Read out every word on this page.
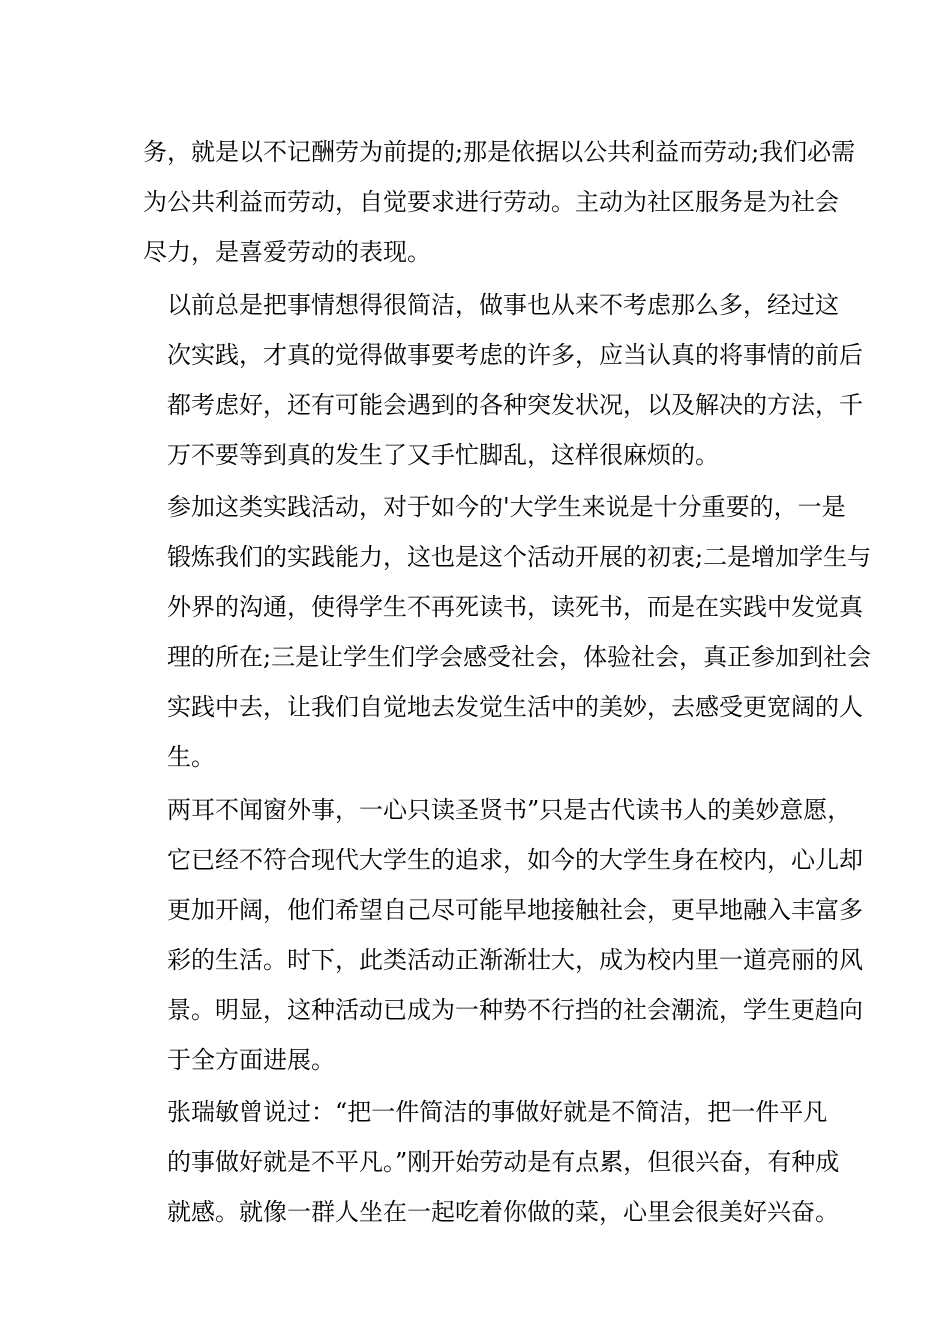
务，就是以不记酬劳为前提的;那是依据以公共利益而劳动;我们必需
为公共利益而劳动，自觉要求进行劳动。主动为社区服务是为社会
尽力，是喜爱劳动的表现。

以前总是把事情想得很简洁，做事也从来不考虑那么多，经过这
次实践，才真的觉得做事要考虑的许多，应当认真的将事情的前后
都考虑好，还有可能会遇到的各种突发状况，以及解决的方法，千
万不要等到真的发生了又手忙脚乱，这样很麻烦的。

参加这类实践活动，对于如今的'大学生来说是十分重要的，一是
锻炼我们的实践能力，这也是这个活动开展的初衷;二是增加学生与
外界的沟通，使得学生不再死读书，读死书，而是在实践中发觉真
理的所在;三是让学生们学会感受社会，体验社会，真正参加到社会
实践中去，让我们自觉地去发觉生活中的美妙，去感受更宽阔的人
生。

两耳不闻窗外事，一心只读圣贤书”只是古代读书人的美妙意愿，
它已经不符合现代大学生的追求，如今的大学生身在校内，心儿却
更加开阔，他们希望自己尽可能早地接触社会，更早地融入丰富多
彩的生活。时下，此类活动正渐渐壮大，成为校内里一道亮丽的风
景。明显，这种活动已成为一种势不行挡的社会潮流，学生更趋向
于全方面进展。

张瑞敏曾说过：“把一件简洁的事做好就是不简洁，把一件平凡
的事做好就是不平凡。”刚开始劳动是有点累，但很兴奋，有种成
就感。就像一群人坐在一起吃着你做的菜，心里会很美好兴奋。
